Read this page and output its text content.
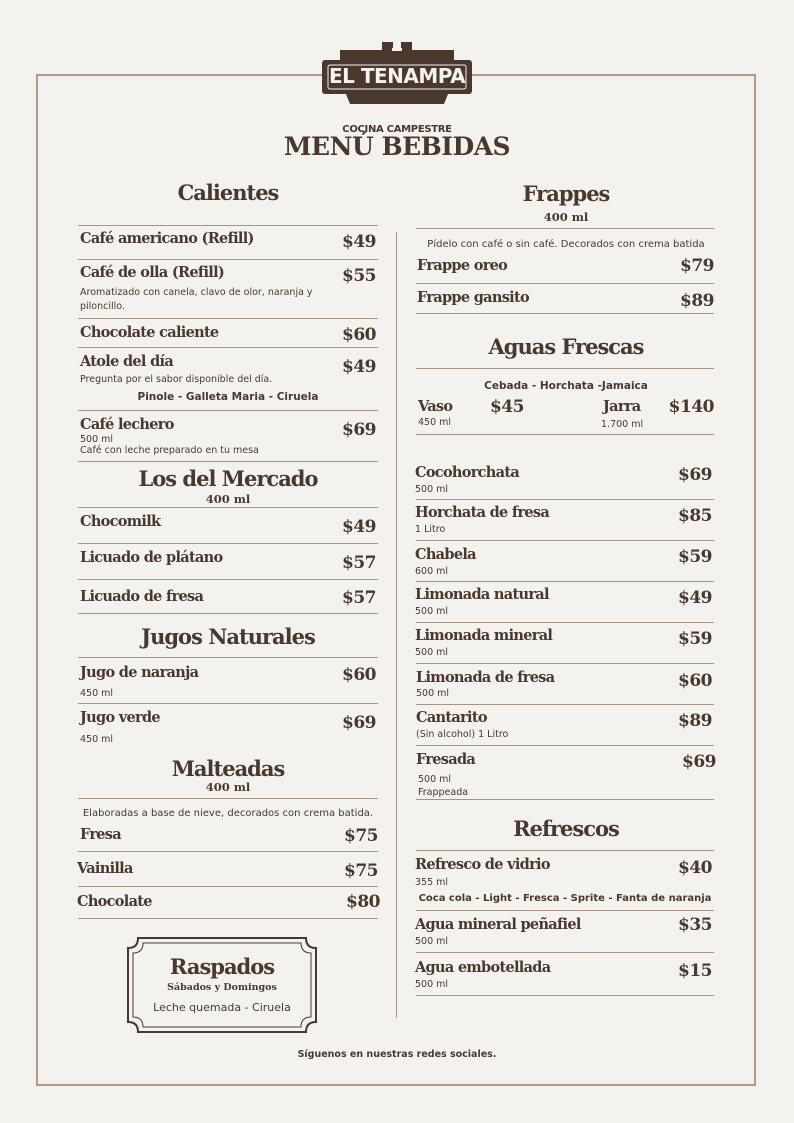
EL TENAMPA
COCINA CAMPESTRE
MENÚ BEBIDAS
Calientes
Café americano (Refill)	$49
Café de olla (Refill)	$55
Aromatizado con canela, clavo de olor, naranja y
piloncillo.
Chocolate caliente	$60
Atole del día	$49
Pregunta por el sabor disponible del día.
Pinole - Galleta Maria - Ciruela
Café lechero	$69
500 ml
Café con leche preparado en tu mesa
Los del Mercado
400 ml
Chocomilk	$49
Licuado de plátano	$57
Licuado de fresa	$57
Jugos Naturales
Jugo de naranja	$60
450 ml
Jugo verde	$69
450 ml
Malteadas
400 ml
Elaboradas a base de nieve, decorados con crema batida.
Fresa	$75
Vainilla	$75
Chocolate	$80
Raspados
Sábados y Domingos
Leche quemada - Ciruela
Frappes
400 ml
Pídelo con café o sin café. Decorados con crema batida
Frappe oreo	$79
Frappe gansito	$89
Aguas Frescas
Cebada - Horchata -Jamaica
Vaso	$45
450 ml
Jarra	$140
1.700 ml
Cocohorchata	$69
500 ml
Horchata de fresa	$85
1 Litro
Chabela	$59
600 ml
Limonada natural	$49
500 ml
Limonada mineral	$59
500 ml
Limonada de fresa	$60
500 ml
Cantarito	$89
(Sin alcohol) 1 Litro
Fresada	$69
500 ml
Frappeada
Refrescos
Refresco de vidrio	$40
355 ml
Coca cola - Light - Fresca - Sprite - Fanta de naranja
Agua mineral peñafiel	$35
500 ml
Agua embotellada	$15
500 ml
Síguenos en nuestras redes sociales.
